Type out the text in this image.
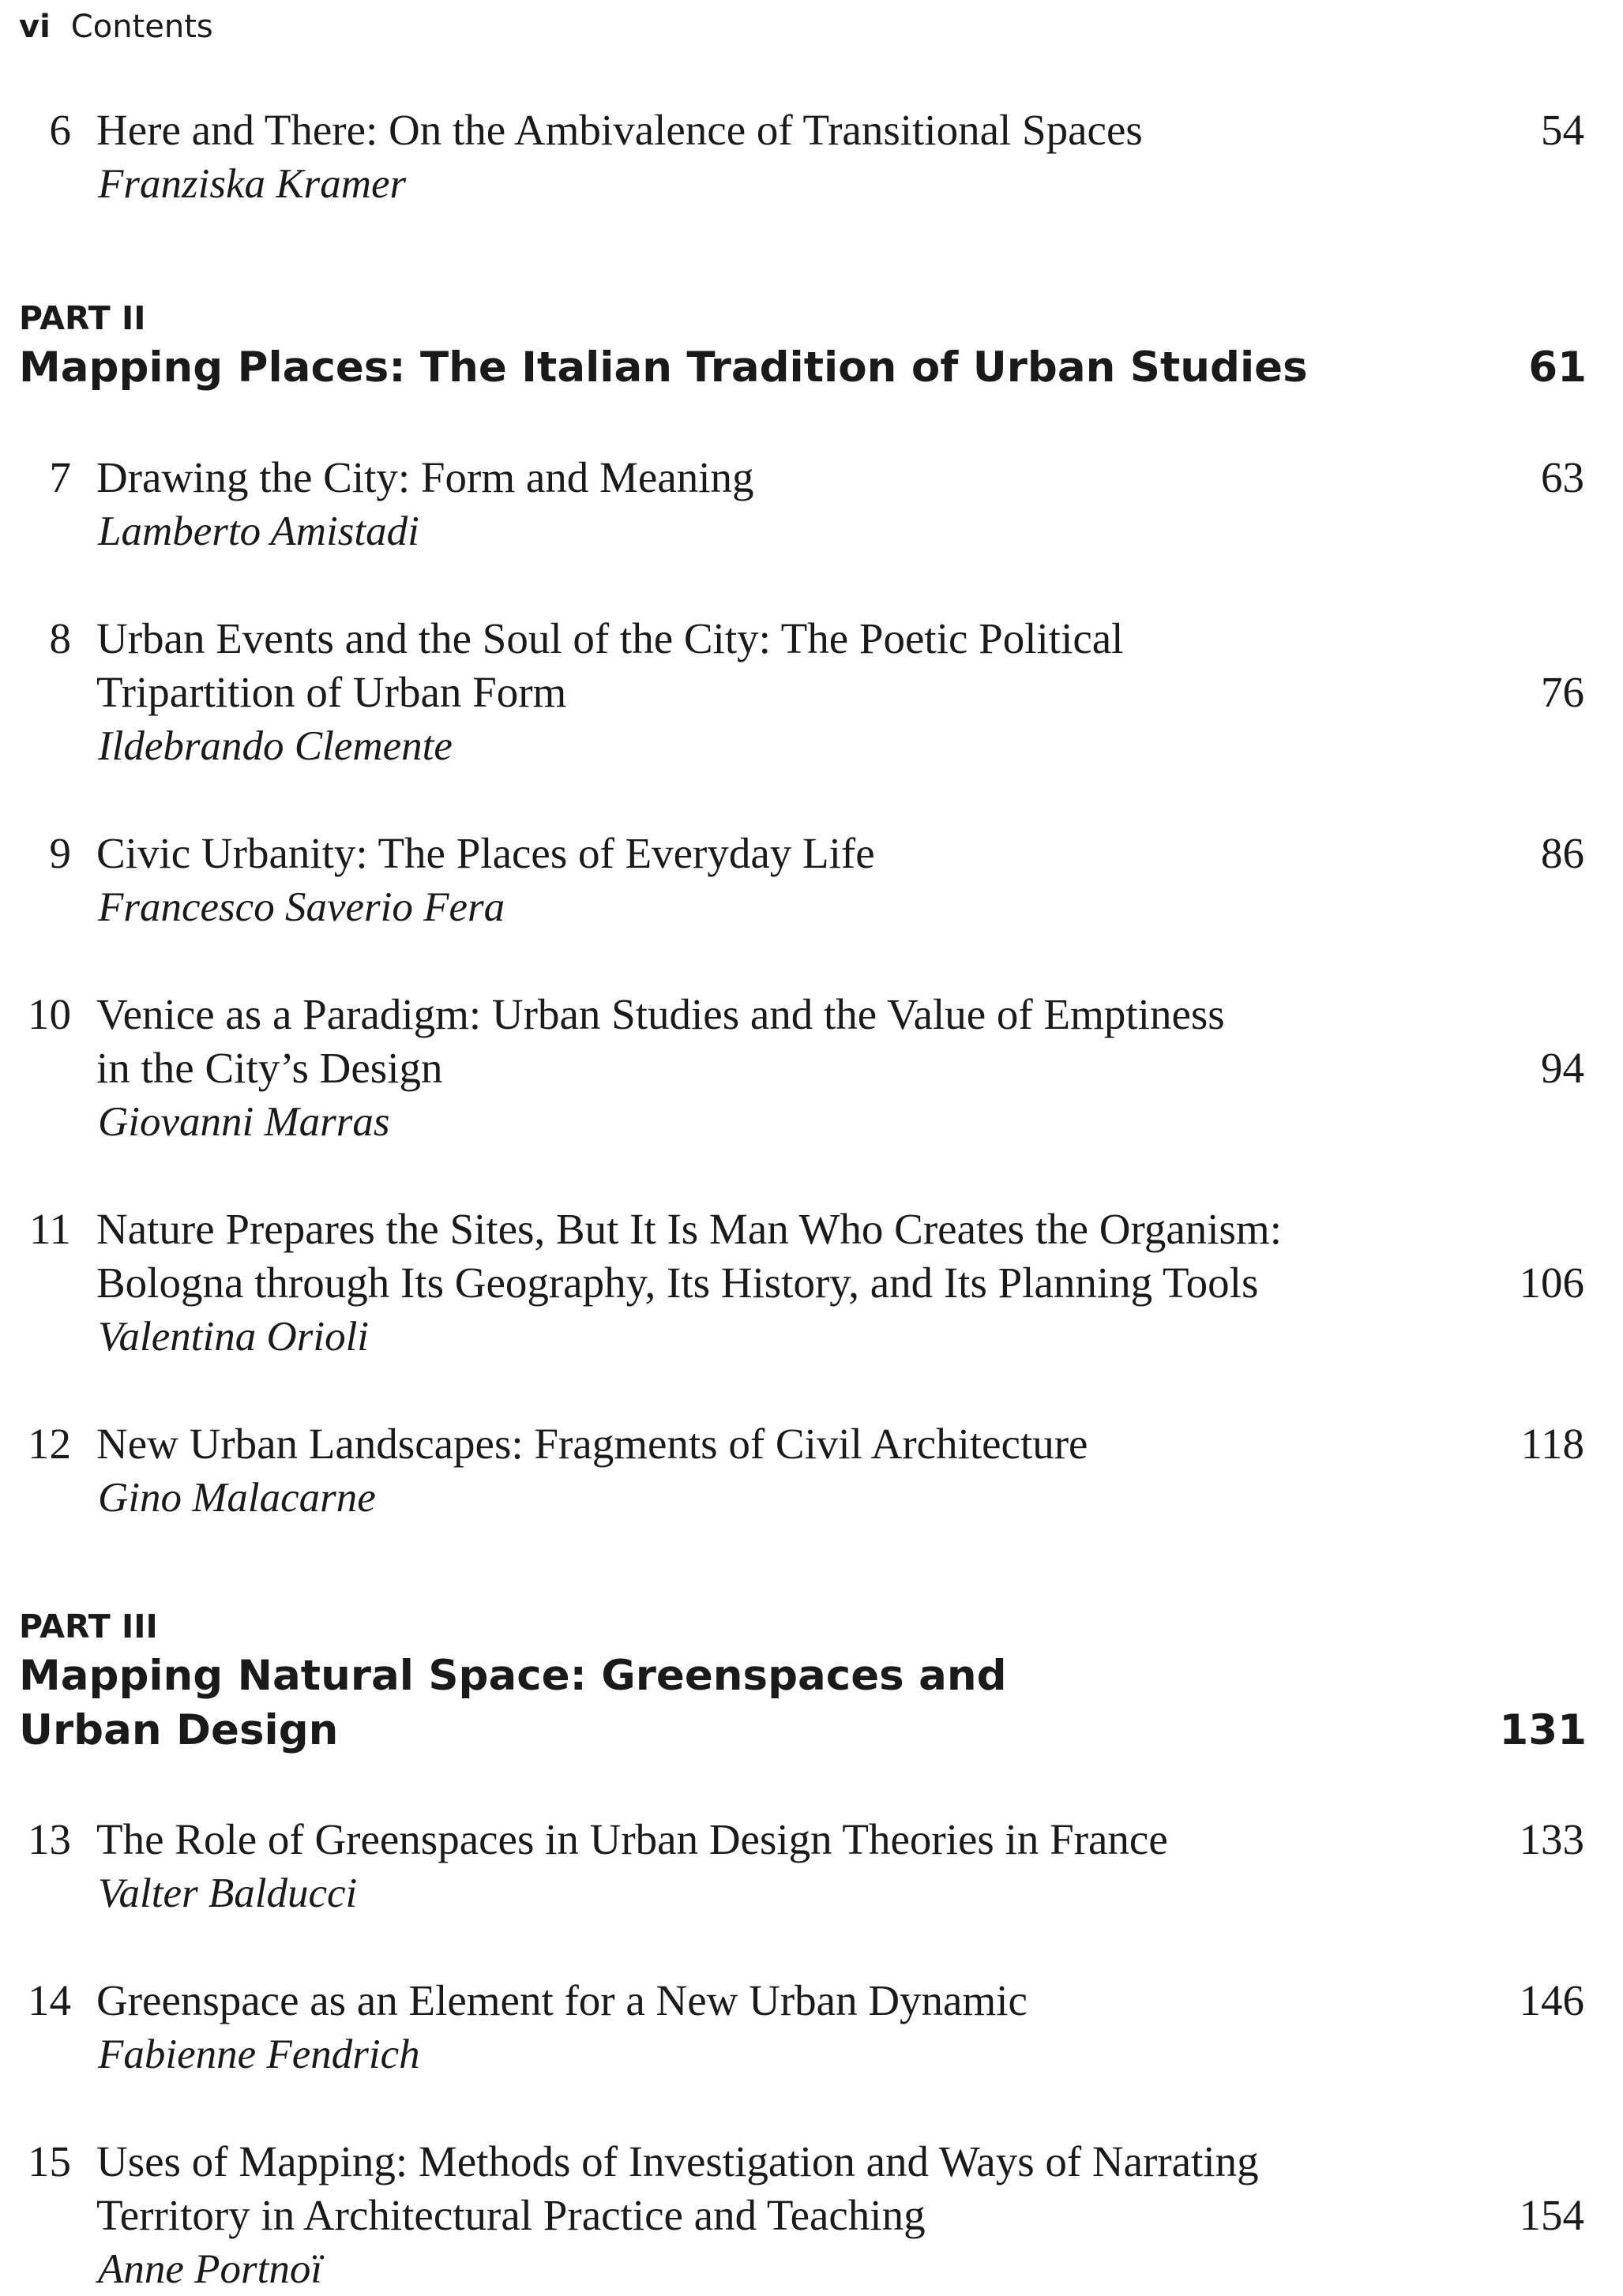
vi Contents
6 Here and There: On the Ambivalence of Transitional Spaces	54
Franziska Kramer
PART II
Mapping Places: The Italian Tradition of Urban Studies	61
7 Drawing the City: Form and Meaning	63
Lamberto Amistadi
8 Urban Events and the Soul of the City: The Poetic Political
Tripartition of Urban Form	76
Ildebrando Clemente
9 Civic Urbanity: The Places of Everyday Life	86
Francesco Saverio Fera
10 Venice as a Paradigm: Urban Studies and the Value of Emptiness
in the City’s Design	94
Giovanni Marras
11 Nature Prepares the Sites, But It Is Man Who Creates the Organism:
Bologna through Its Geography, Its History, and Its Planning Tools	106
Valentina Orioli
12 New Urban Landscapes: Fragments of Civil Architecture	118
Gino Malacarne
PART III
Mapping Natural Space: Greenspaces and
Urban Design	131
13 The Role of Greenspaces in Urban Design Theories in France	133
Valter Balducci
14 Greenspace as an Element for a New Urban Dynamic	146
Fabienne Fendrich
15 Uses of Mapping: Methods of Investigation and Ways of Narrating
Territory in Architectural Practice and Teaching	154
Anne Portnoï
